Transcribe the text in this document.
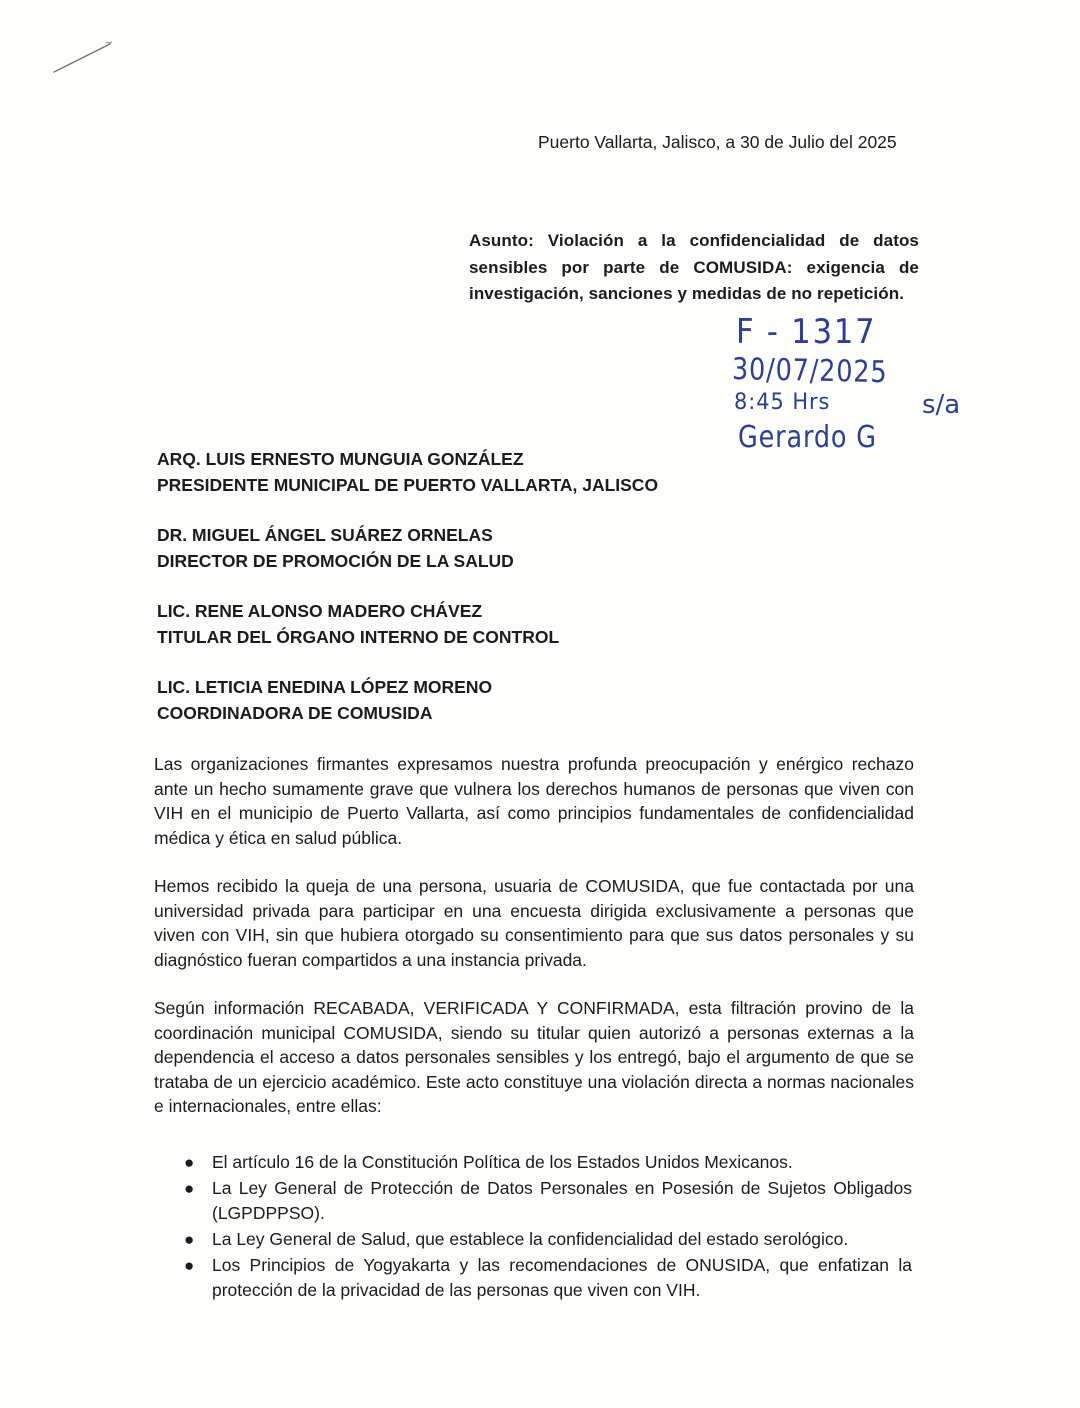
Puerto Vallarta, Jalisco, a 30 de Julio del 2025
Asunto: Violación a la confidencialidad de datos sensibles por parte de COMUSIDA: exigencia de investigación, sanciones y medidas de no repetición.
F - 1317
30/07/2025
8:45 Hrs	s/a
Gerardo G
ARQ. LUIS ERNESTO MUNGUIA GONZÁLEZ
PRESIDENTE MUNICIPAL DE PUERTO VALLARTA, JALISCO
DR. MIGUEL ÁNGEL SUÁREZ ORNELAS
DIRECTOR DE PROMOCIÓN DE LA SALUD
LIC. RENE ALONSO MADERO CHÁVEZ
TITULAR DEL ÓRGANO INTERNO DE CONTROL
LIC. LETICIA ENEDINA LÓPEZ MORENO
COORDINADORA DE COMUSIDA

Las organizaciones firmantes expresamos nuestra profunda preocupación y enérgico rechazo ante un hecho sumamente grave que vulnera los derechos humanos de personas que viven con VIH en el municipio de Puerto Vallarta, así como principios fundamentales de confidencialidad médica y ética en salud pública.

Hemos recibido la queja de una persona, usuaria de COMUSIDA, que fue contactada por una universidad privada para participar en una encuesta dirigida exclusivamente a personas que viven con VIH, sin que hubiera otorgado su consentimiento para que sus datos personales y su diagnóstico fueran compartidos a una instancia privada.

Según información RECABADA, VERIFICADA Y CONFIRMADA, esta filtración provino de la coordinación municipal COMUSIDA, siendo su titular quien autorizó a personas externas a la dependencia el acceso a datos personales sensibles y los entregó, bajo el argumento de que se trataba de un ejercicio académico. Este acto constituye una violación directa a normas nacionales e internacionales, entre ellas:

● El artículo 16 de la Constitución Política de los Estados Unidos Mexicanos.
● La Ley General de Protección de Datos Personales en Posesión de Sujetos Obligados (LGPDPPSO).
● La Ley General de Salud, que establece la confidencialidad del estado serológico.
● Los Principios de Yogyakarta y las recomendaciones de ONUSIDA, que enfatizan la protección de la privacidad de las personas que viven con VIH.
